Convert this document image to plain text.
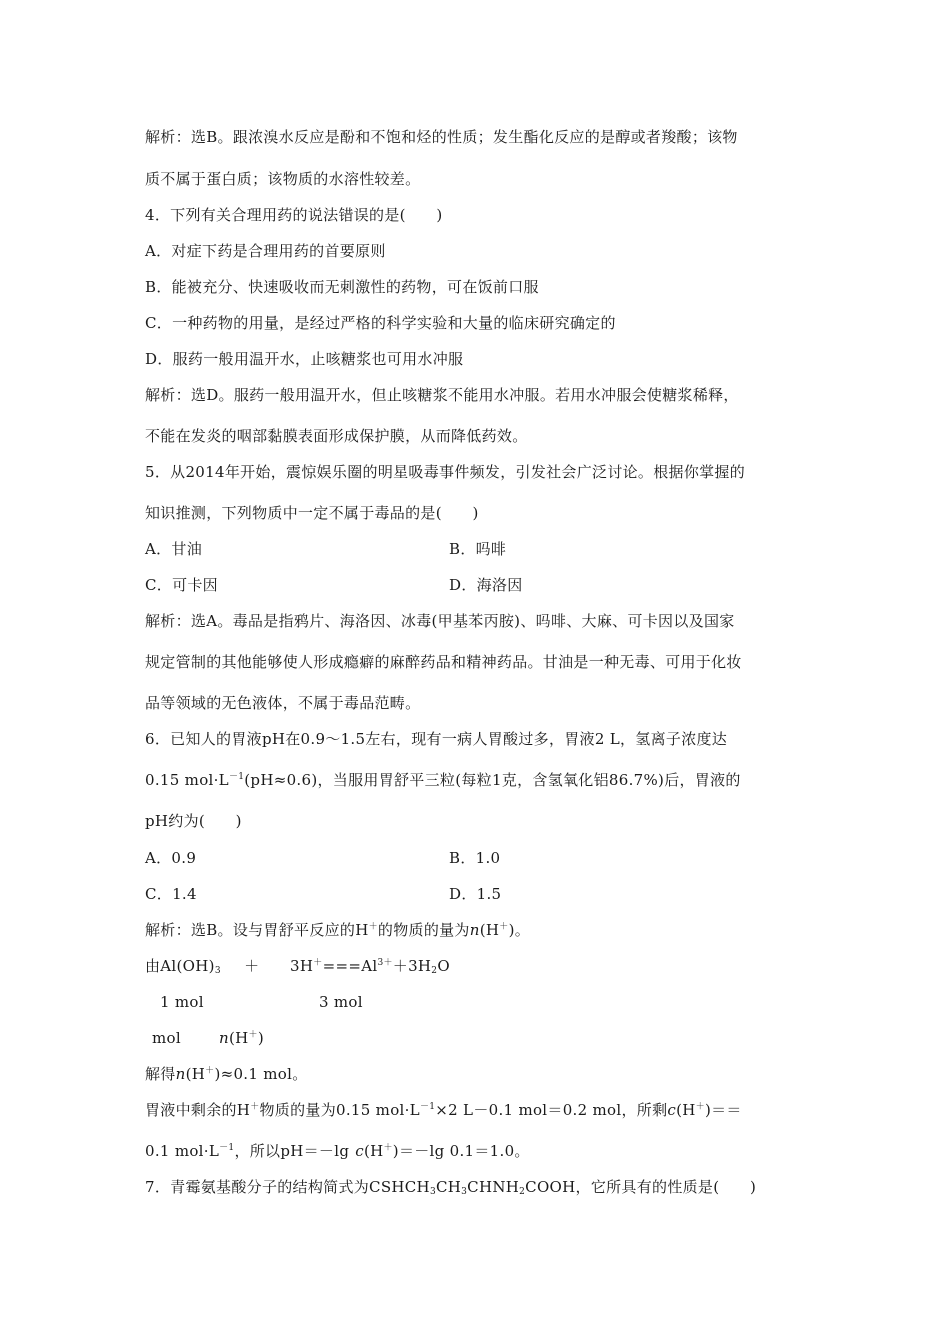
解析：选B。跟浓溴水反应是酚和不饱和烃的性质；发生酯化反应的是醇或者羧酸；该物
质不属于蛋白质；该物质的水溶性较差。
4．下列有关合理用药的说法错误的是(　　)
A．对症下药是合理用药的首要原则
B．能被充分、快速吸收而无刺激性的药物，可在饭前口服
C．一种药物的用量，是经过严格的科学实验和大量的临床研究确定的
D．服药一般用温开水，止咳糖浆也可用水冲服
解析：选D。服药一般用温开水，但止咳糖浆不能用水冲服。若用水冲服会使糖浆稀释，
不能在发炎的咽部黏膜表面形成保护膜，从而降低药效。
5．从2014年开始，震惊娱乐圈的明星吸毒事件频发，引发社会广泛讨论。根据你掌握的
知识推测，下列物质中一定不属于毒品的是(　　)
A．甘油	B．吗啡
C．可卡因	D．海洛因
解析：选A。毒品是指鸦片、海洛因、冰毒(甲基苯丙胺)、吗啡、大麻、可卡因以及国家
规定管制的其他能够使人形成瘾癖的麻醉药品和精神药品。甘油是一种无毒、可用于化妆
品等领域的无色液体，不属于毒品范畴。
6．已知人的胃液pH在0.9～1.5左右，现有一病人胃酸过多，胃液2 L，氢离子浓度达
0.15 $mol\cdot L^{-1}(pH\approx 0.6)$，当服用胃舒平三粒(每粒1克，含氢氧化铝86.7%)后，胃液的
pH约为(　　)
A．0.9	B．1.0
C．1.4	D．1.5
解析：选B。设与胃舒平反应的H＋的物质的量为n(H＋)。
由$Al(OH)_3$　＋　　$3H^+===Al^{3+}+3H_2O$
1 mol	3 mol
mol	n(H＋)
解得n(H＋)≈0.1 mol。
胃液中剩余的H＋物质的量为0.15 $mol\cdot L^{-1}\times 2$ L－0.1 mol＝0.2 mol，所剩c(H＋)＝＝
0.1 $mol\cdot L^{-1}$，所以pH＝－lg c(H＋)＝－lg 0.1＝1.0。
7．青霉氨基酸分子的结构简式为$CSHCH_3CH_3CHNH_2COOH$，它所具有的性质是(　　)
